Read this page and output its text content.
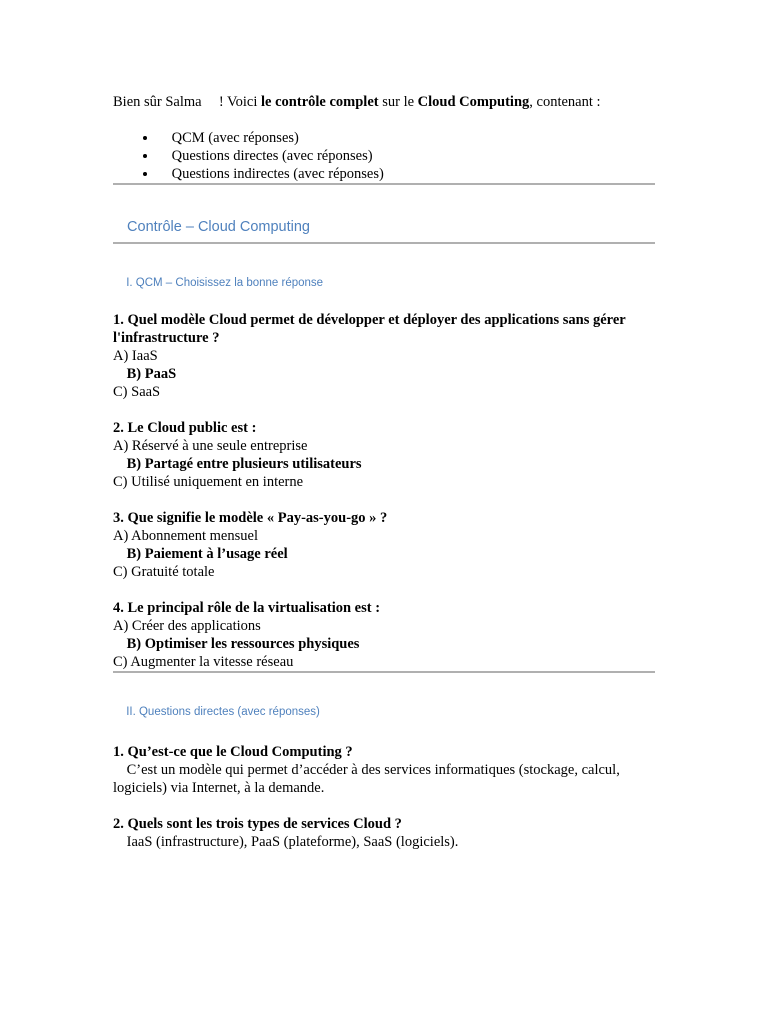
Bien sûr Salma  ! Voici le contrôle complet sur le Cloud Computing, contenant :

• QCM (avec réponses)
• Questions directes (avec réponses)
• Questions indirectes (avec réponses)
Contrôle – Cloud Computing
I. QCM – Choisissez la bonne réponse
1. Quel modèle Cloud permet de développer et déployer des applications sans gérer l'infrastructure ?
A) IaaS
B) PaaS
C) SaaS
2. Le Cloud public est :
A) Réservé à une seule entreprise
B) Partagé entre plusieurs utilisateurs
C) Utilisé uniquement en interne
3. Que signifie le modèle « Pay-as-you-go » ?
A) Abonnement mensuel
B) Paiement à l’usage réel
C) Gratuité totale
4. Le principal rôle de la virtualisation est :
A) Créer des applications
B) Optimiser les ressources physiques
C) Augmenter la vitesse réseau
II. Questions directes (avec réponses)
1. Qu’est-ce que le Cloud Computing ?
C’est un modèle qui permet d’accéder à des services informatiques (stockage, calcul, logiciels) via Internet, à la demande.
2. Quels sont les trois types de services Cloud ?
IaaS (infrastructure), PaaS (plateforme), SaaS (logiciels).
